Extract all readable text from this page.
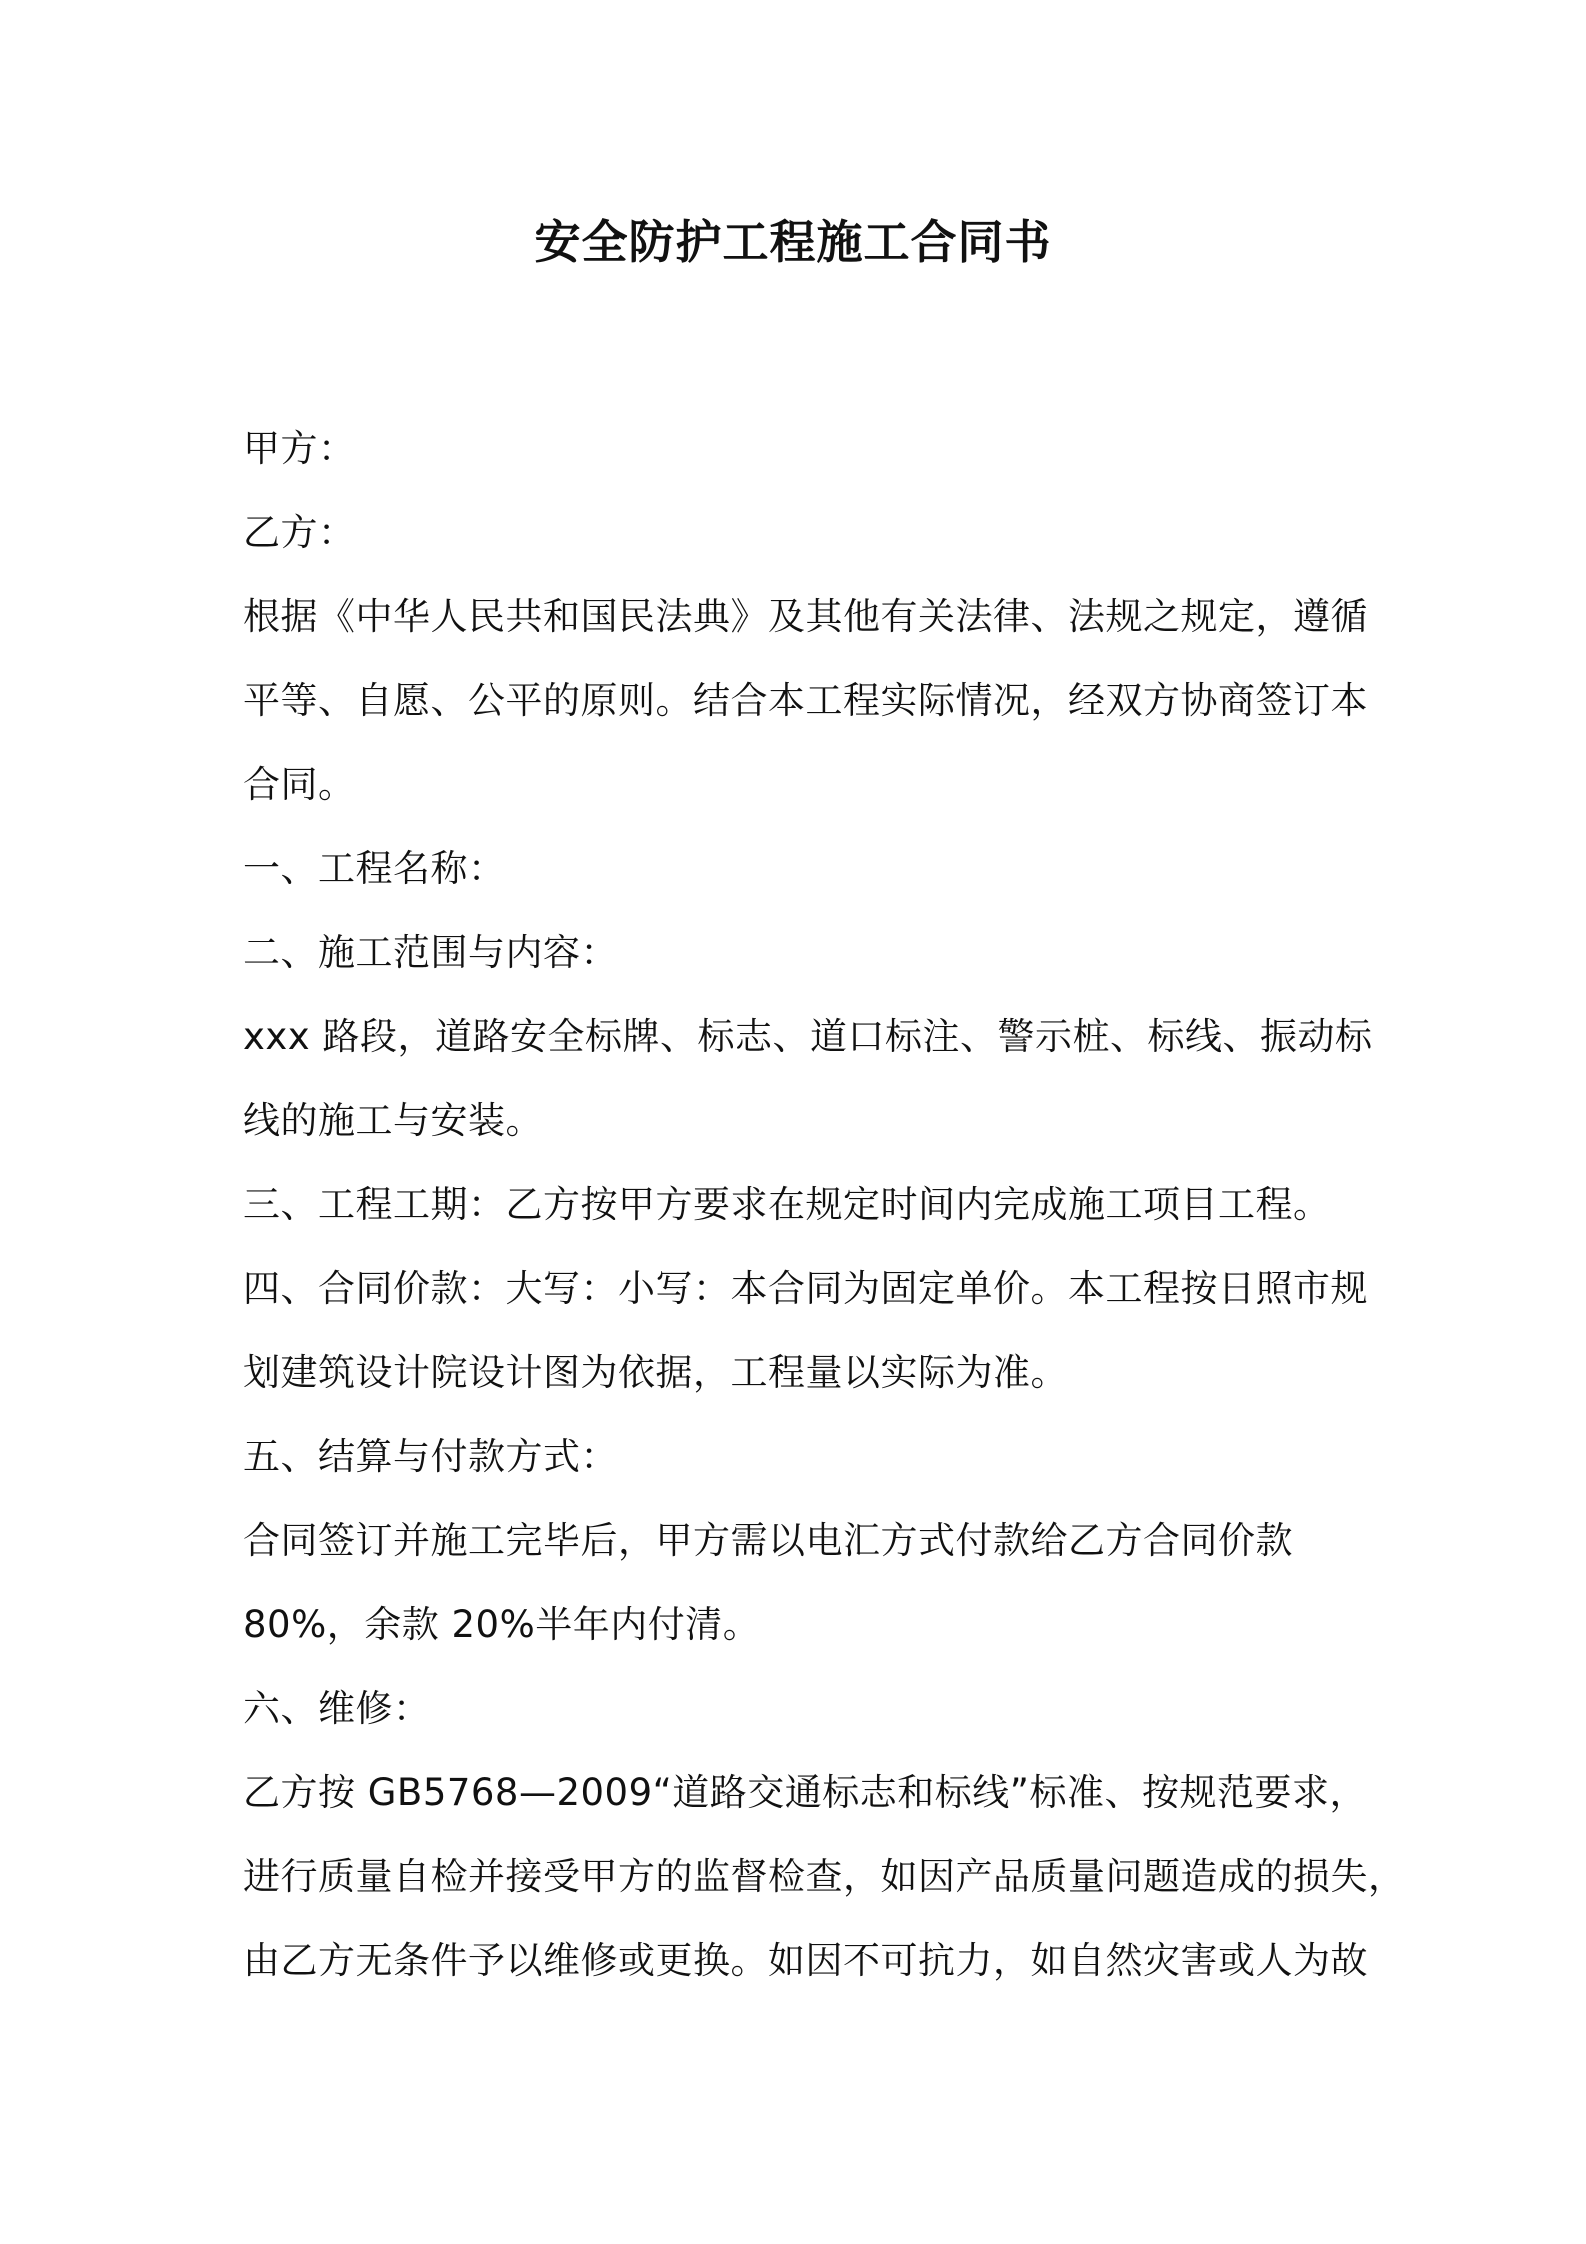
安全防护工程施工合同书
甲方：
乙方：
根据《中华人民共和国民法典》及其他有关法律、法规之规定，遵循
平等、自愿、公平的原则。结合本工程实际情况，经双方协商签订本
合同。
一、工程名称：
二、施工范围与内容：
xxx 路段，道路安全标牌、标志、道口标注、警示桩、标线、振动标
线的施工与安装。
三、工程工期：乙方按甲方要求在规定时间内完成施工项目工程。
四、合同价款：大写：小写：本合同为固定单价。本工程按日照市规
划建筑设计院设计图为依据，工程量以实际为准。
五、结算与付款方式：
合同签订并施工完毕后，甲方需以电汇方式付款给乙方合同价款
80%，余款 20%半年内付清。
六、维修：
乙方按 GB5768—2009“道路交通标志和标线”标准、按规范要求，
进行质量自检并接受甲方的监督检查，如因产品质量问题造成的损失，
由乙方无条件予以维修或更换。如因不可抗力，如自然灾害或人为故
